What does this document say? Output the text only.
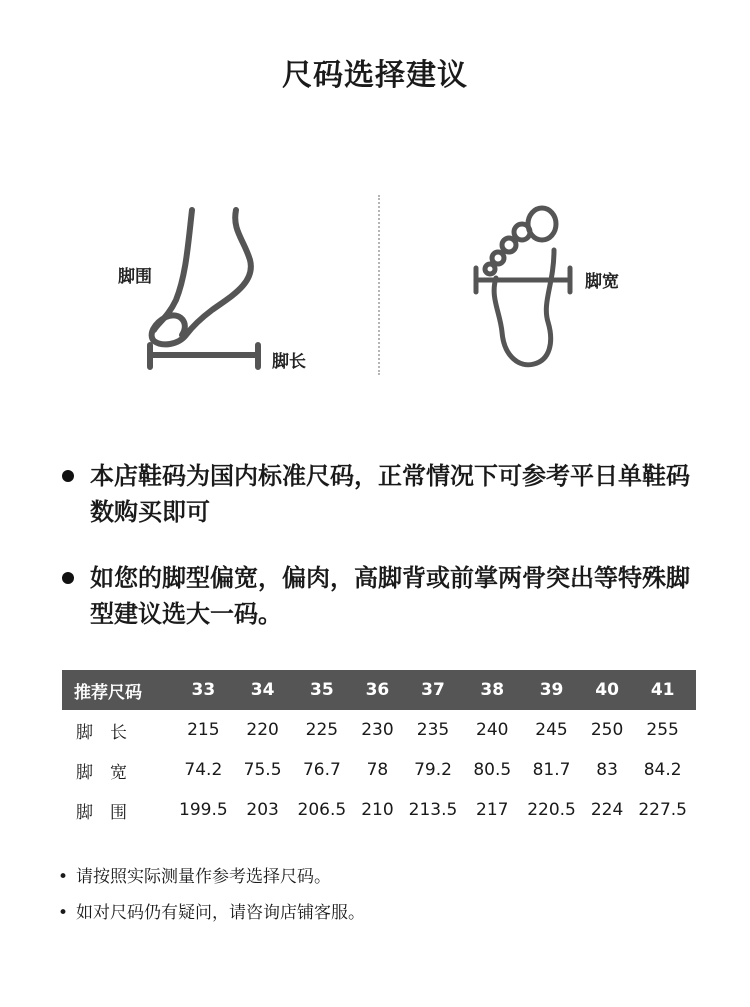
尺码选择建议
脚围
脚长
脚宽
本店鞋码为国内标准尺码，正常情况下可参考平日单鞋码数购买即可
如您的脚型偏宽，偏肉，高脚背或前掌两骨突出等特殊脚型建议选大一码。
推荐尺码	33	34	35	36	37	38	39	40	41
脚　长	215	220	225	230	235	240	245	250	255
脚　宽	74.2	75.5	76.7	78	79.2	80.5	81.7	83	84.2
脚　围	199.5	203	206.5	210	213.5	217	220.5	224	227.5
• 请按照实际测量作参考选择尺码。
• 如对尺码仍有疑问，请咨询店铺客服。
